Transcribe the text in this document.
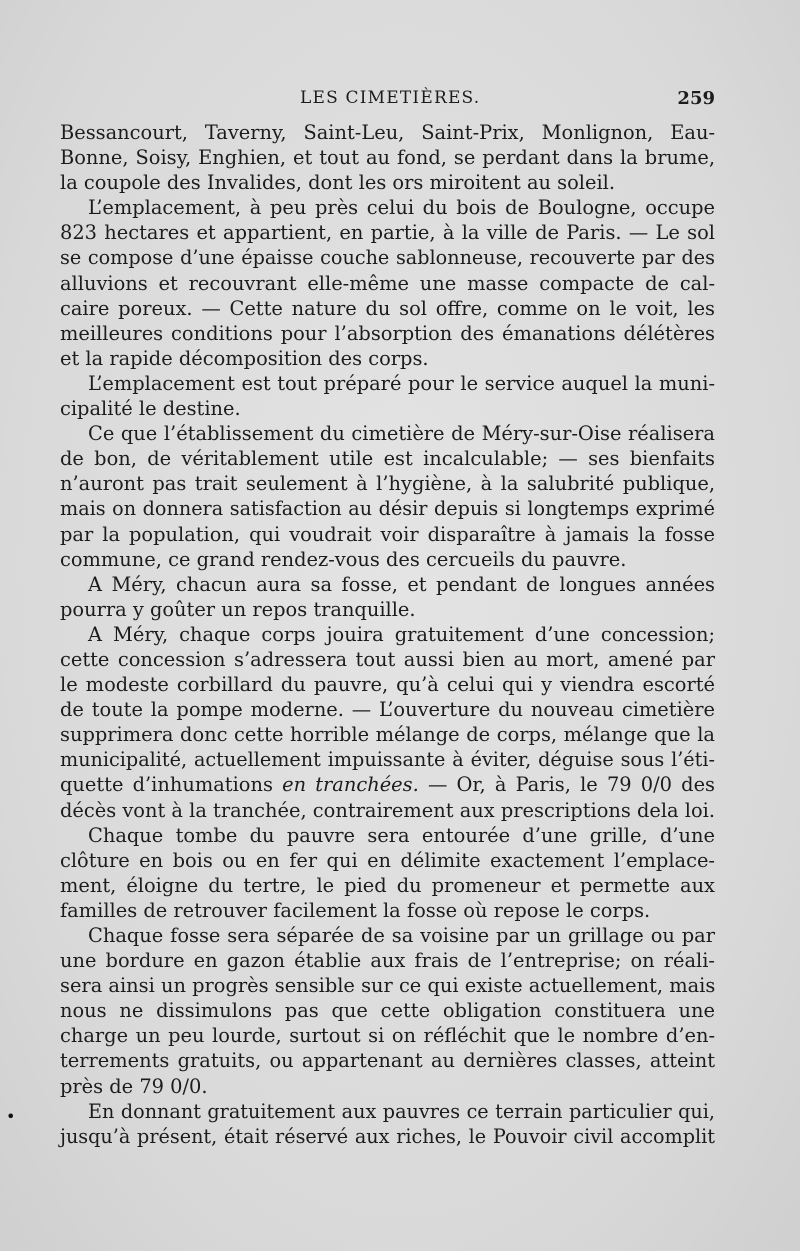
LES CIMETIÈRES.	259
Bessancourt, Taverny, Saint-Leu, Saint-Prix, Monlignon, Eau-
Bonne, Soisy, Enghien, et tout au fond, se perdant dans la brume,
la coupole des Invalides, dont les ors miroitent au soleil.
L’emplacement, à peu près celui du bois de Boulogne, occupe
823 hectares et appartient, en partie, à la ville de Paris. — Le sol
se compose d’une épaisse couche sablonneuse, recouverte par des
alluvions et recouvrant elle-même une masse compacte de cal-
caire poreux. — Cette nature du sol offre, comme on le voit, les
meilleures conditions pour l’absorption des émanations délétères
et la rapide décomposition des corps.
L’emplacement est tout préparé pour le service auquel la muni-
cipalité le destine.
Ce que l’établissement du cimetière de Méry-sur-Oise réalisera
de bon, de véritablement utile est incalculable; — ses bienfaits
n’auront pas trait seulement à l’hygiène, à la salubrité publique,
mais on donnera satisfaction au désir depuis si longtemps exprimé
par la population, qui voudrait voir disparaître à jamais la fosse
commune, ce grand rendez-vous des cercueils du pauvre.
A Méry, chacun aura sa fosse, et pendant de longues années
pourra y goûter un repos tranquille.
A Méry, chaque corps jouira gratuitement d’une concession;
cette concession s’adressera tout aussi bien au mort, amené par
le modeste corbillard du pauvre, qu’à celui qui y viendra escorté
de toute la pompe moderne. — L’ouverture du nouveau cimetière
supprimera donc cette horrible mélange de corps, mélange que la
municipalité, actuellement impuissante à éviter, déguise sous l’éti-
quette d’inhumations en tranchées. — Or, à Paris, le 79 0/0 des
décès vont à la tranchée, contrairement aux prescriptions dela loi.
Chaque tombe du pauvre sera entourée d’une grille, d’une
clôture en bois ou en fer qui en délimite exactement l’emplace-
ment, éloigne du tertre, le pied du promeneur et permette aux
familles de retrouver facilement la fosse où repose le corps.
Chaque fosse sera séparée de sa voisine par un grillage ou par
une bordure en gazon établie aux frais de l’entreprise; on réali-
sera ainsi un progrès sensible sur ce qui existe actuellement, mais
nous ne dissimulons pas que cette obligation constituera une
charge un peu lourde, surtout si on réfléchit que le nombre d’en-
terrements gratuits, ou appartenant au dernières classes, atteint
près de 79 0/0.
En donnant gratuitement aux pauvres ce terrain particulier qui,
jusqu’à présent, était réservé aux riches, le Pouvoir civil accomplit
•
